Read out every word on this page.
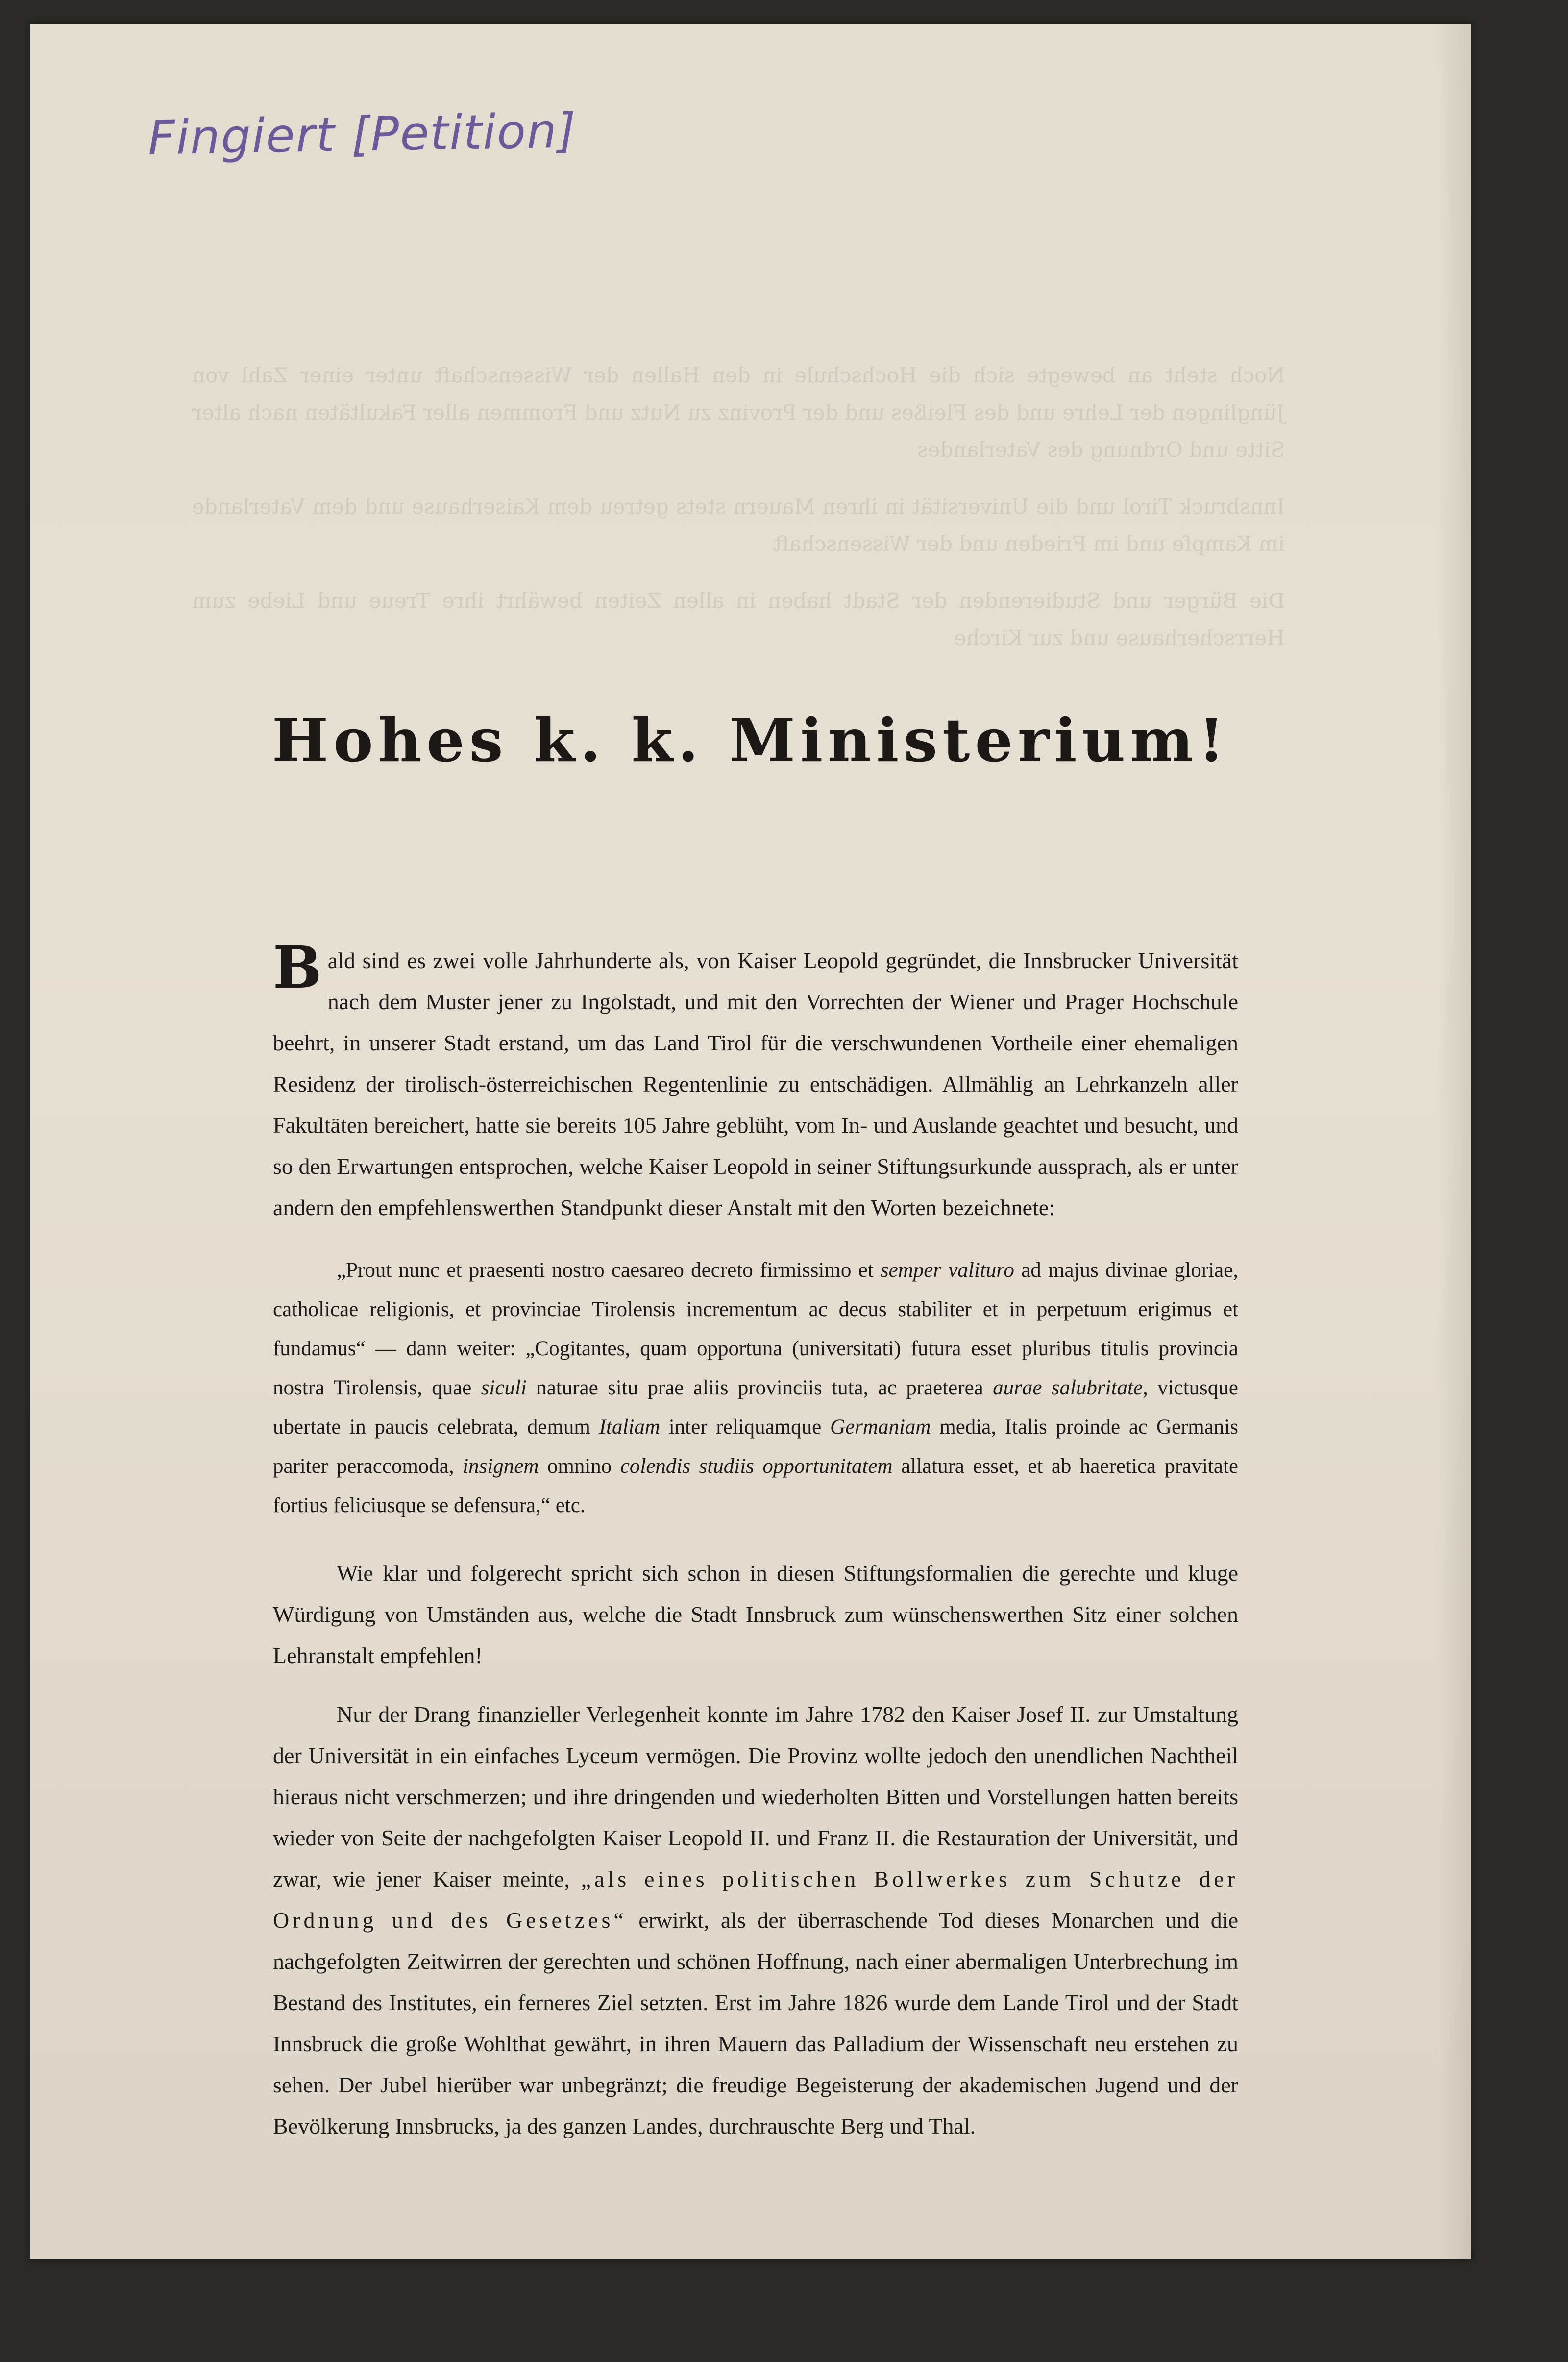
Fingiert [Petition]

Noch steht an bewegte sich die Hochschule in den Hallen der Wissenschaft unter einer Zahl von Jünglingen der Lehre und des Fleißes und der Provinz zu Nutz und Frommen aller Fakultäten nach alter Sitte und Ordnung des Vaterlandes

Innsbruck Tirol und die Universität in ihren Mauern stets getreu dem Kaiserhause und dem Vaterlande im Kampfe und im Frieden und der Wissenschaft

Die Bürger und Studierenden der Stadt haben in allen Zeiten bewährt ihre Treue und Liebe zum Herrscherhause und zur Kirche

Hohes k. k. Ministerium!

Bald sind es zwei volle Jahrhunderte als, von Kaiser Leopold gegründet, die Innsbrucker Universität nach dem Muster jener zu Ingolstadt, und mit den Vorrechten der Wiener und Prager Hochschule beehrt, in unserer Stadt erstand, um das Land Tirol für die verschwundenen Vortheile einer ehemaligen Residenz der tirolisch-österreichischen Regentenlinie zu entschädigen. Allmählig an Lehrkanzeln aller Fakultäten bereichert, hatte sie bereits 105 Jahre geblüht, vom In- und Auslande geachtet und besucht, und so den Erwartungen entsprochen, welche Kaiser Leopold in seiner Stiftungsurkunde aussprach, als er unter andern den empfehlenswerthen Standpunkt dieser Anstalt mit den Worten bezeichnete:

„Prout nunc et praesenti nostro caesareo decreto firmissimo et semper valituro ad majus divinae gloriae, catholicae religionis, et provinciae Tirolensis incrementum ac decus stabiliter et in perpetuum erigimus et fundamus“ — dann weiter: „Cogitantes, quam opportuna (universitati) futura esset pluribus titulis provincia nostra Tirolensis, quae siculi naturae situ prae aliis provinciis tuta, ac praeterea aurae salubritate, victusque ubertate in paucis celebrata, demum Italiam inter reliquamque Germaniam media, Italis proinde ac Germanis pariter peraccomoda, insignem omnino colendis studiis opportunitatem allatura esset, et ab haeretica pravitate fortius feliciusque se defensura,“ etc.

Wie klar und folgerecht spricht sich schon in diesen Stiftungsformalien die gerechte und kluge Würdigung von Umständen aus, welche die Stadt Innsbruck zum wünschenswerthen Sitz einer solchen Lehranstalt empfehlen!

Nur der Drang finanzieller Verlegenheit konnte im Jahre 1782 den Kaiser Josef II. zur Umstaltung der Universität in ein einfaches Lyceum vermögen. Die Provinz wollte jedoch den unendlichen Nachtheil hieraus nicht verschmerzen; und ihre dringenden und wiederholten Bitten und Vorstellungen hatten bereits wieder von Seite der nachgefolgten Kaiser Leopold II. und Franz II. die Restauration der Universität, und zwar, wie jener Kaiser meinte, „als eines politischen Bollwerkes zum Schutze der Ordnung und des Gesetzes“ erwirkt, als der überraschende Tod dieses Monarchen und die nachgefolgten Zeitwirren der gerechten und schönen Hoffnung, nach einer abermaligen Unterbrechung im Bestand des Institutes, ein ferneres Ziel setzten. Erst im Jahre 1826 wurde dem Lande Tirol und der Stadt Innsbruck die große Wohlthat gewährt, in ihren Mauern das Palladium der Wissenschaft neu erstehen zu sehen. Der Jubel hierüber war unbegränzt; die freudige Begeisterung der akademischen Jugend und der Bevölkerung Innsbrucks, ja des ganzen Landes, durchrauschte Berg und Thal.
